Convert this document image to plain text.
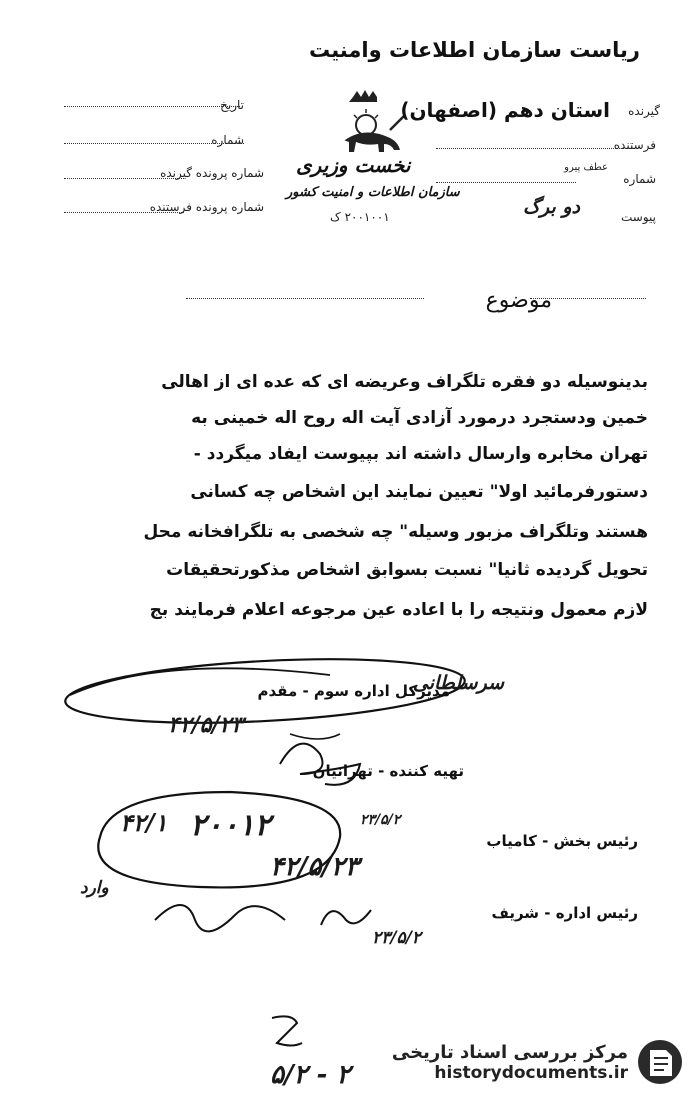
ریاست سازمان اطلاعات وامنیت
تاریخ
شماره
شماره پرونده گیرنده
شماره پرونده فرستنده
نخست وزیری
سازمان اطلاعات و امنیت کشور
۲۰۰۱۰۰۱ ک
گیرنده
استان دهم (اصفهان)
فرستنده
شماره
عطف پیرو
پیوست
دو برگ
موضوع
بدینوسیله دو فقره تلگراف وعریضه ای که عده ای از اهالی
خمین ودستجرد درمورد آزادی آیت اله روح اله خمینی به
تهران مخابره وارسال داشته اند بپیوست ایفاد میگردد -
دستورفرمائید اولا" تعیین نمایند این اشخاص چه کسانی
هستند وتلگراف مزبور وسیله" چه شخصی به تلگرافخانه محل
تحویل گردیده ثانیا" نسبت بسوابق اشخاص مذکورتحقیقات
لازم معمول ونتیجه را با اعاده عین مرجوعه اعلام فرمایند بج
مدیرکل اداره سوم - مقدم
سرسلطانی
۴۲/۵/۲۳
تهیه کننده - تهرانیان
۴۲/۱ ۲۰۰۱۲	رئیس بخش - کامیاب
۲۳/۵/۲
۴۲/۵/۲۳
رئیس اداره - شریف
وارد
۲۳/۵/۲
۵/۲ - ۲
مرکز بررسی اسناد تاریخی
historydocuments.ir
